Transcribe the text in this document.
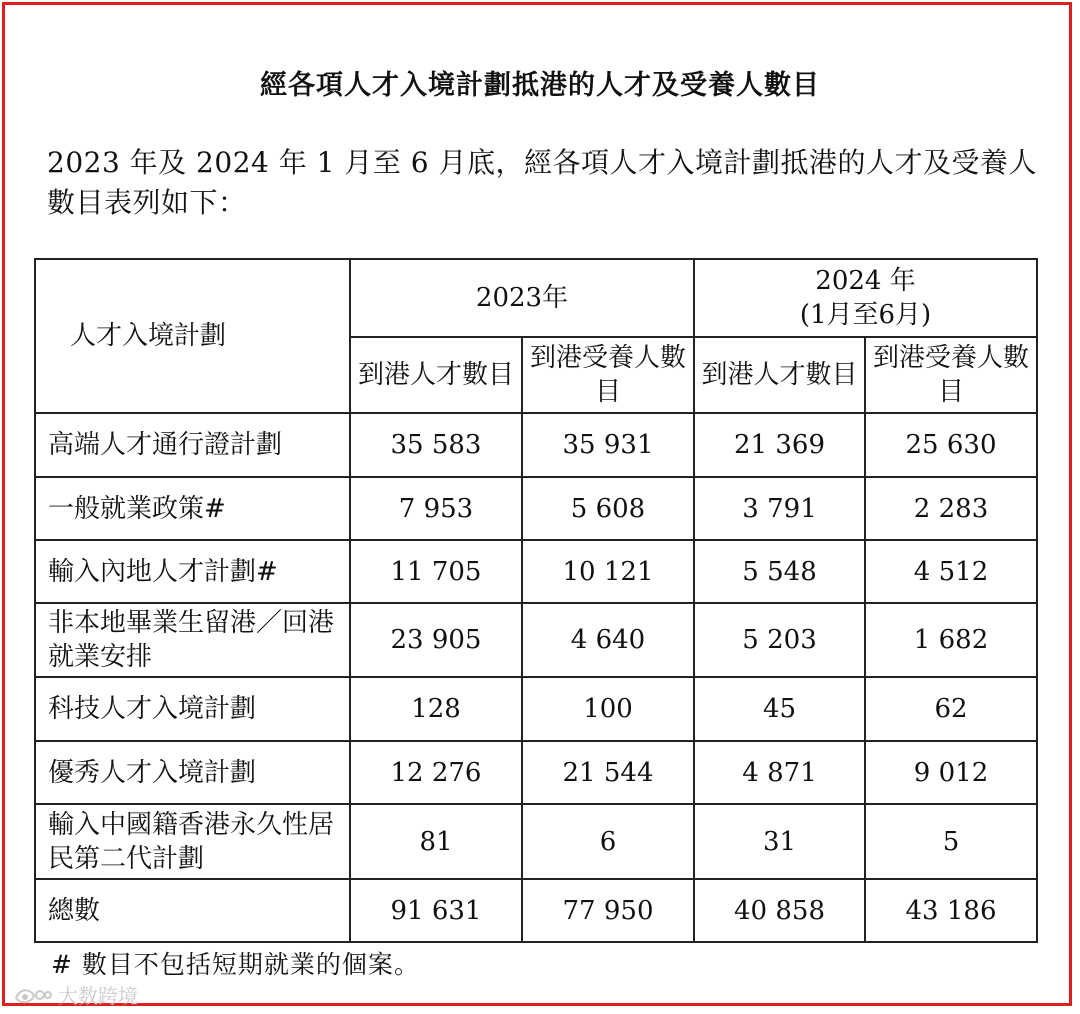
經各項人才入境計劃抵港的人才及受養人數目
2023 年及 2024 年 1 月至 6 月底，經各項人才入境計劃抵港的人才及受養人數目表列如下：
人才入境計劃	2023年		2024 年
(1月至6月)	

	到港人才數目	到港受養人數目	到港人才數目	到港受養人數目
高端人才通行證計劃	35 583	35 931	21 369	25 630
一般就業政策#	7 953	5 608	3 791	2 283
輸入內地人才計劃#	11 705	10 121	5 548	4 512
非本地畢業生留港／回港就業安排	23 905	4 640	5 203	1 682
科技人才入境計劃	128	100	45	62
優秀人才入境計劃	12 276	21 544	4 871	9 012
輸入中國籍香港永久性居民第二代計劃	81	6	31	5
總數	91 631	77 950	40 858	43 186
# 數目不包括短期就業的個案。
大数跨境
